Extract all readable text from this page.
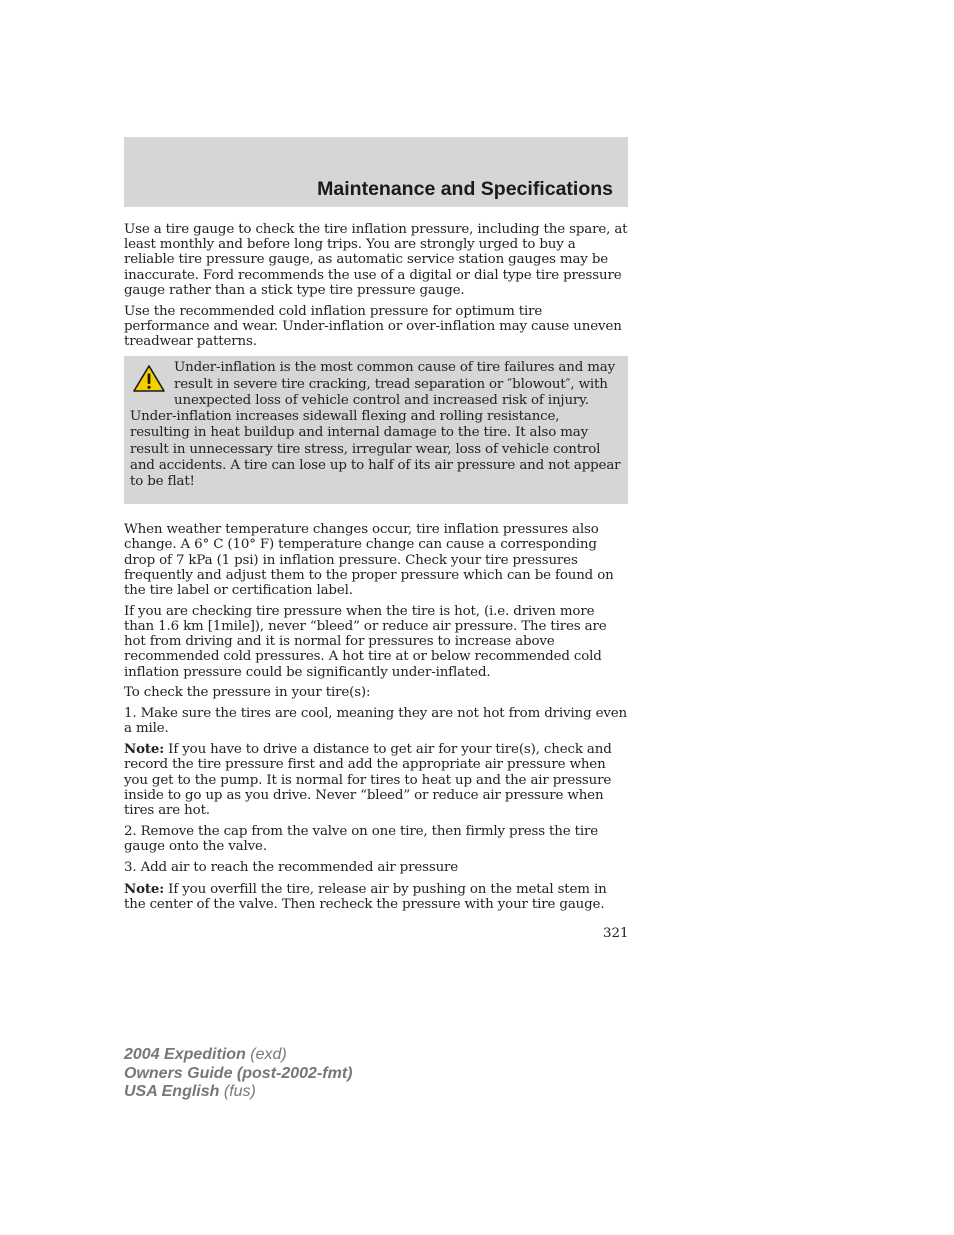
Maintenance and Specifications

Use a tire gauge to check the tire inflation pressure, including the spare, at least monthly and before long trips. You are strongly urged to buy a reliable tire pressure gauge, as automatic service station gauges may be inaccurate. Ford recommends the use of a digital or dial type tire pressure gauge rather than a stick type tire pressure gauge.

Use the recommended cold inflation pressure for optimum tire performance and wear. Under-inflation or over-inflation may cause uneven treadwear patterns.

Under-inflation is the most common cause of tire failures and may result in severe tire cracking, tread separation or ″blowout″, with unexpected loss of vehicle control and increased risk of injury. Under-inflation increases sidewall flexing and rolling resistance, resulting in heat buildup and internal damage to the tire. It also may result in unnecessary tire stress, irregular wear, loss of vehicle control and accidents. A tire can lose up to half of its air pressure and not appear to be flat!

When weather temperature changes occur, tire inflation pressures also change. A 6° C (10° F) temperature change can cause a corresponding drop of 7 kPa (1 psi) in inflation pressure. Check your tire pressures frequently and adjust them to the proper pressure which can be found on the tire label or certification label.

If you are checking tire pressure when the tire is hot, (i.e. driven more than 1.6 km [1mile]), never “bleed” or reduce air pressure. The tires are hot from driving and it is normal for pressures to increase above recommended cold pressures. A hot tire at or below recommended cold inflation pressure could be significantly under-inflated.

To check the pressure in your tire(s):

1. Make sure the tires are cool, meaning they are not hot from driving even a mile.

Note: If you have to drive a distance to get air for your tire(s), check and record the tire pressure first and add the appropriate air pressure when you get to the pump. It is normal for tires to heat up and the air pressure inside to go up as you drive. Never “bleed” or reduce air pressure when tires are hot.

2. Remove the cap from the valve on one tire, then firmly press the tire gauge onto the valve.

3. Add air to reach the recommended air pressure

Note: If you overfill the tire, release air by pushing on the metal stem in the center of the valve. Then recheck the pressure with your tire gauge.

321
2004 Expedition (exd)
Owners Guide (post-2002-fmt)
USA English (fus)
